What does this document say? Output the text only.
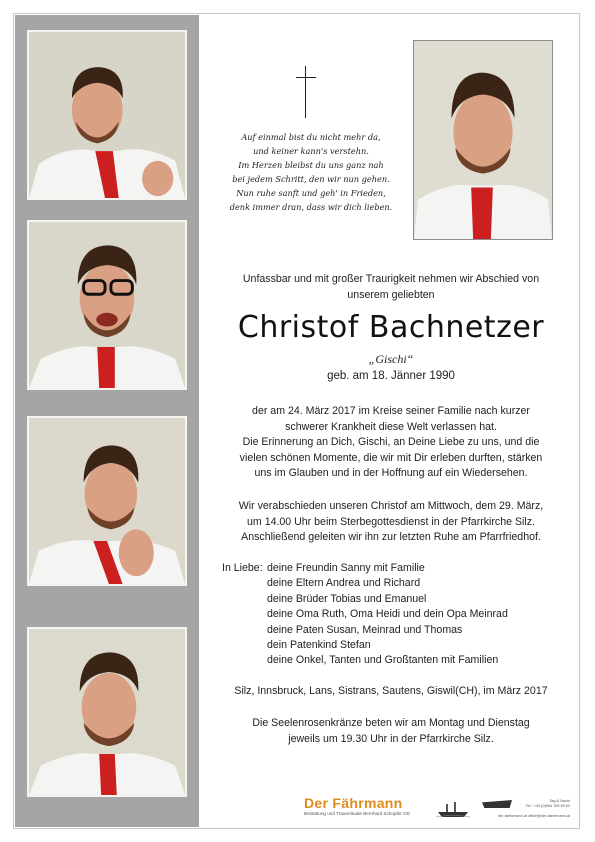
Auf einmal bist du nicht mehr da,
und keiner kann's verstehn.
Im Herzen bleibst du uns ganz nah
bei jedem Schritt, den wir nun gehen.
Nun ruhe sanft und geh' in Frieden,
denk immer dran, dass wir dich lieben.
Unfassbar und mit großer Traurigkeit nehmen wir Abschied von
unserem geliebten
Christof Bachnetzer
„Gischi“
geb. am 18. Jänner 1990
der am 24. März 2017 im Kreise seiner Familie nach kurzer
schwerer Krankheit diese Welt verlassen hat.
Die Erinnerung an Dich, Gischi, an Deine Liebe zu uns, und die
vielen schönen Momente, die wir mit Dir erleben durften, stärken
uns im Glauben und in der Hoffnung auf ein Wiedersehen.
Wir verabschieden unseren Christof am Mittwoch, dem 29. März,
um 14.00 Uhr beim Sterbegottesdienst in der Pfarrkirche Silz.
Anschließend geleiten wir ihn zur letzten Ruhe am Pfarrfriedhof.
In Liebe: deine Freundin Sanny mit Familie
deine Eltern Andrea und Richard
deine Brüder Tobias und Emanuel
deine Oma Ruth, Oma Heidi und dein Opa Meinrad
deine Paten Susan, Meinrad und Thomas
dein Patenkind Stefan
deine Onkel, Tanten und Großtanten mit Familien
Silz, Innsbruck, Lans, Sistrans, Sautens, Giswil(CH), im März 2017
Die Seelenrosenkränze beten wir am Montag und Dienstag
jeweils um 19.30 Uhr in der Pfarrkirche Silz.
Der Fährmann
Bestattung und Trauerrituale Bernhard Schopfer OG
Tag & Nacht
Tel.: +43 (0)664 195 99 62
der-faehrmann.at office@der-faehrmann.at
